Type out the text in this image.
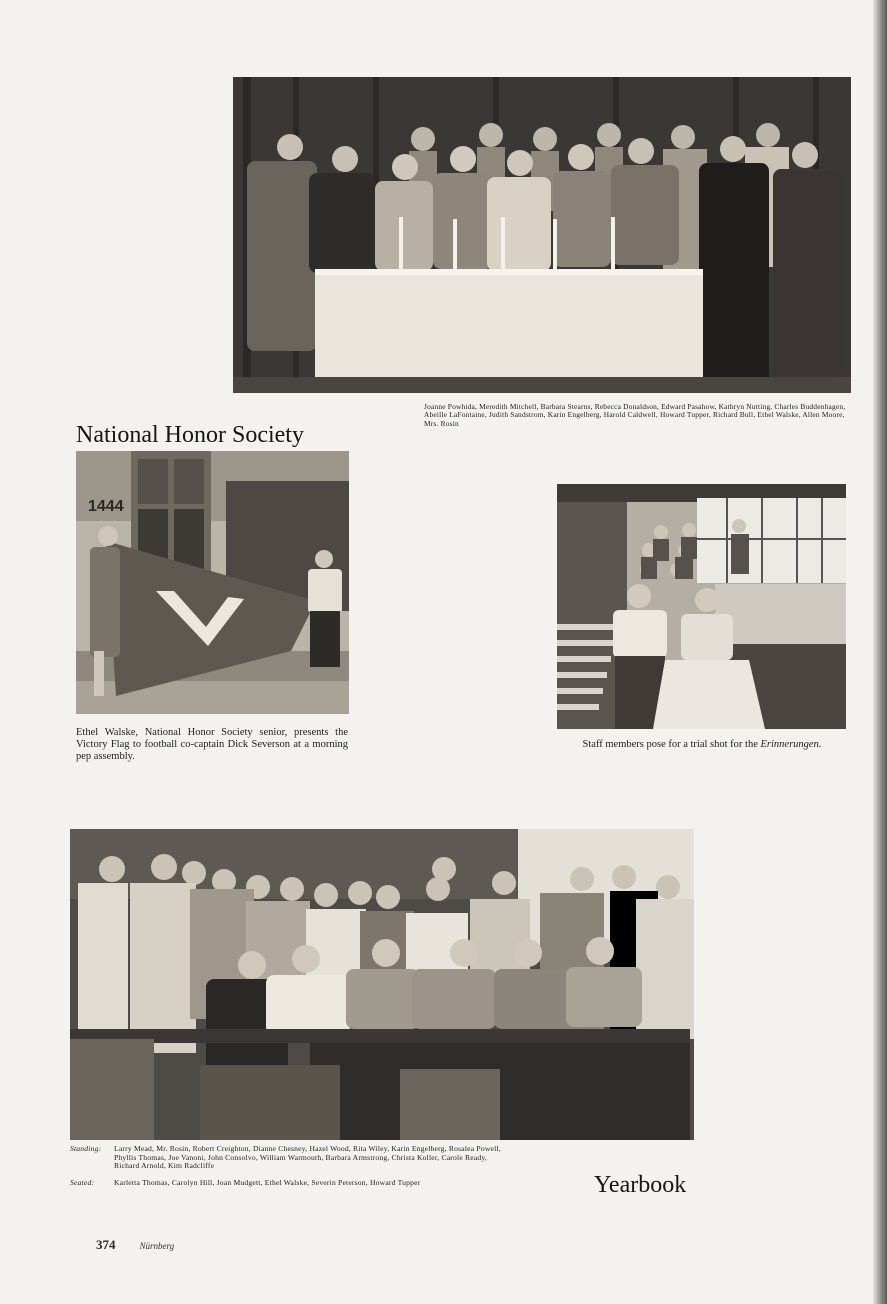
Joanne Powhida, Meredith Mitchell, Barbara Stearns, Rebecca Donaldson, Edward Pasahow, Kathryn Nutting, Charles Buddenhagen, Abeille LaFontaine, Judith Sandstrom, Karin Engelberg, Harold Caldwell, Howard Tupper, Richard Bull, Ethel Walske, Allen Moore, Mrs. Rosin
National Honor Society
1444
Ethel Walske, National Honor Society senior, presents the Victory Flag to football co-captain Dick Severson at a morning pep assembly.
Staff members pose for a trial shot for the Erinnerungen.
Standing:	Larry Mead, Mr. Rosin, Robert Creighton, Dianne Chesney, Hazel Wood, Rita Wiley, Karin Engelberg, Rosalea Powell, Phyllis Thomas, Joe Vanoni, John Consolvo, William Warmouth, Barbara Armstrong, Christa Koller, Carole Ready, Richard Arnold, Kim Radcliffe
Seated:	Karletta Thomas, Carolyn Hill, Joan Mudgett, Ethel Walske, Severin Peterson, Howard Tupper	Yearbook
374	Nürnberg
